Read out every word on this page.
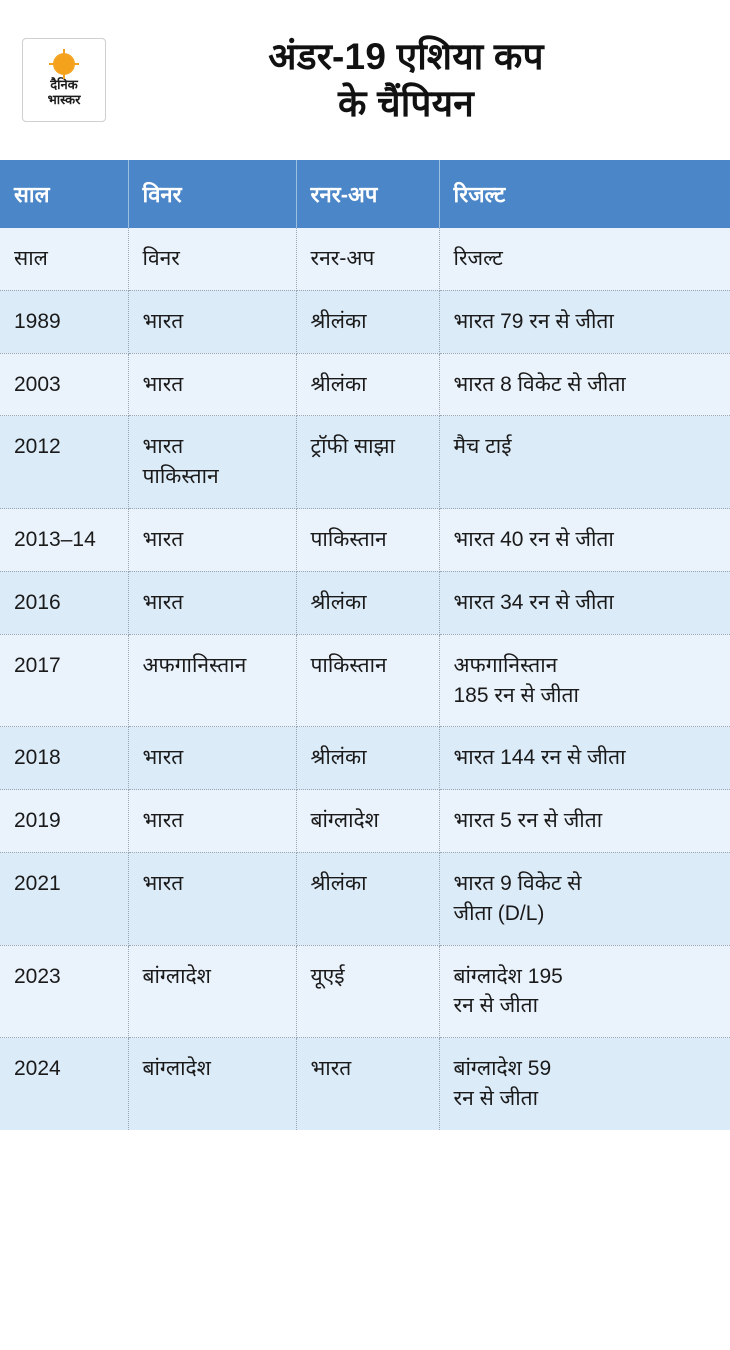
दैनिक
भास्कर
अंडर-19 एशिया कप
के चैंपियन
साल	विनर	रनर-अप	रिजल्ट

साल	विनर	रनर-अप	रिजल्ट

1989	भारत	श्रीलंका	भारत 79 रन से जीता

2003	भारत	श्रीलंका	भारत 8 विकेट से जीता

2012	भारत
पाकिस्तान	ट्रॉफी साझा	मैच टाई

2013–14	भारत	पाकिस्तान	भारत 40 रन से जीता

2016	भारत	श्रीलंका	भारत 34 रन से जीता

2017	अफगानिस्तान	पाकिस्तान	अफगानिस्तान
185 रन से जीता

2018	भारत	श्रीलंका	भारत 144 रन से जीता

2019	भारत	बांग्लादेश	भारत 5 रन से जीता

2021	भारत	श्रीलंका	भारत 9 विकेट से
जीता (D/L)

2023	बांग्लादेश	यूएई	बांग्लादेश 195
रन से जीता

2024	बांग्लादेश	भारत	बांग्लादेश 59
रन से जीता
